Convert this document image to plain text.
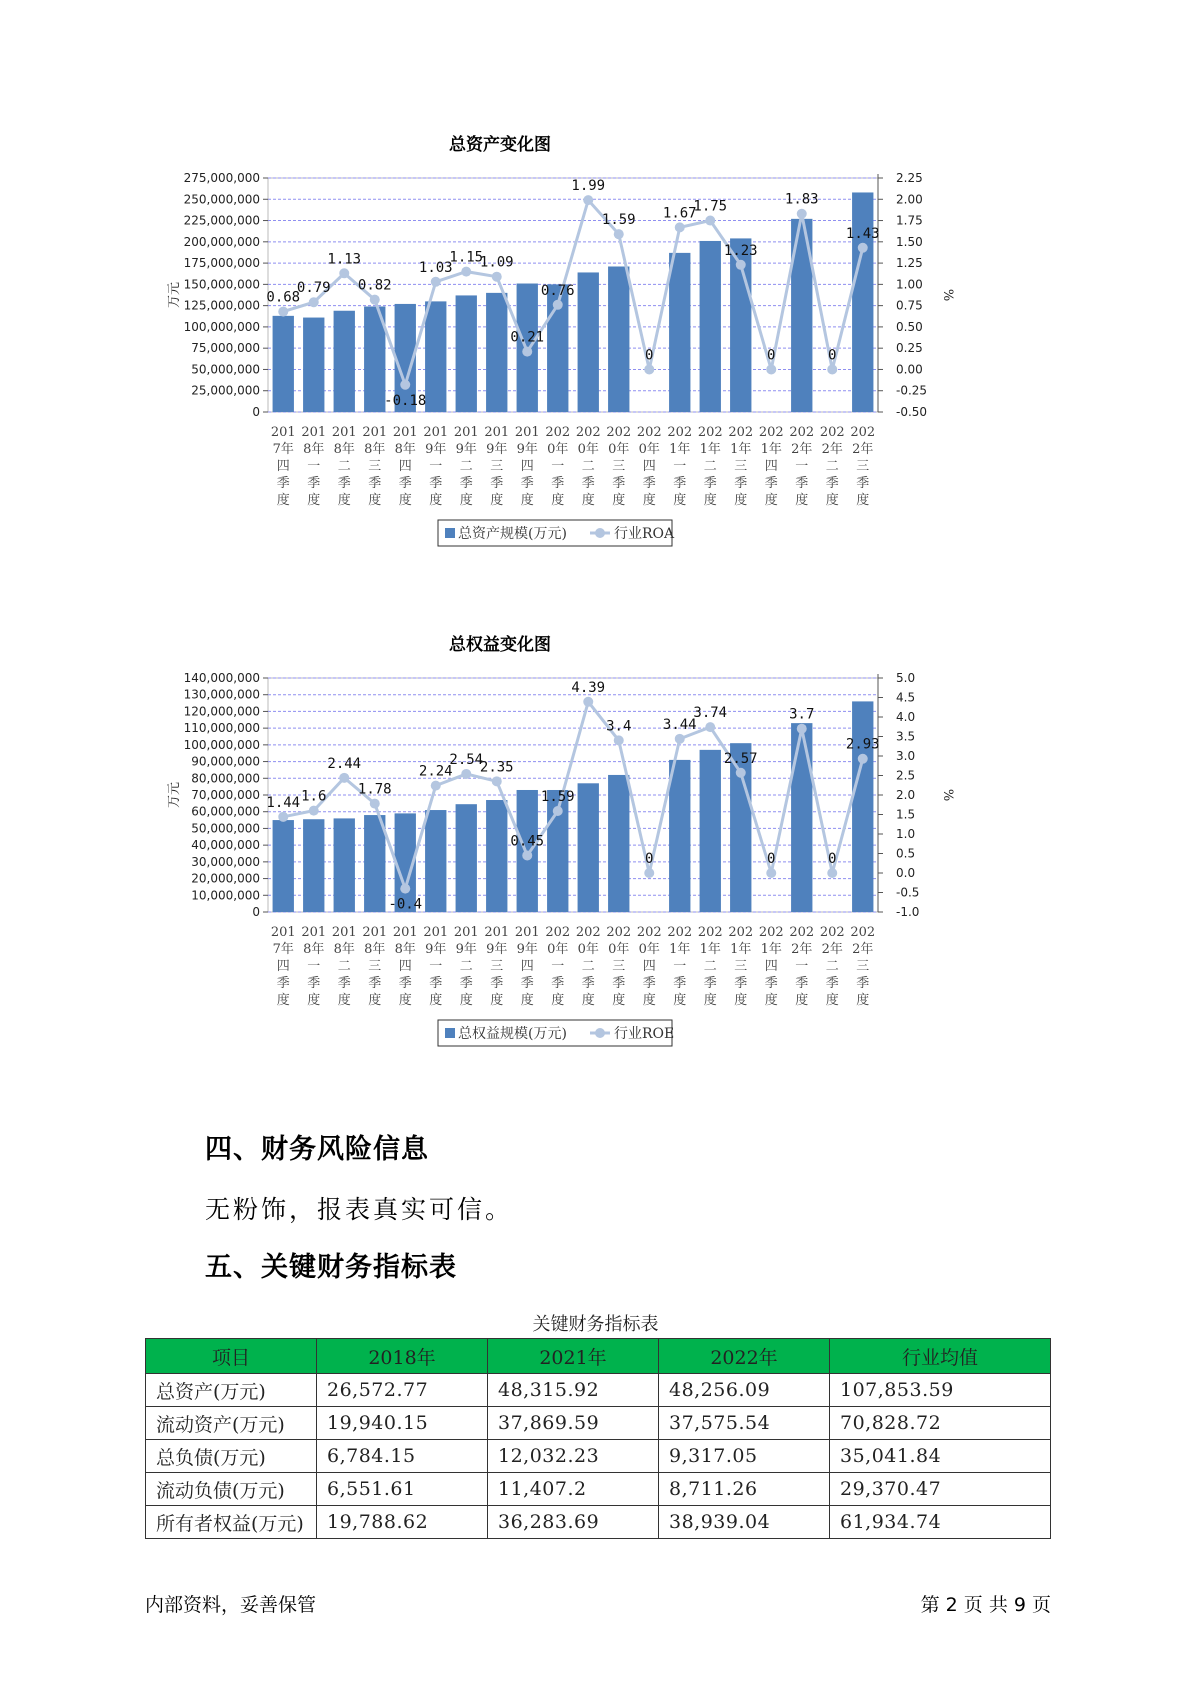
总资产变化图
0
25,000,000
50,000,000
75,000,000
100,000,000
125,000,000
150,000,000
175,000,000
200,000,000
225,000,000
250,000,000
275,000,000
-0.50
-0.25
0.00
0.25
0.50
0.75
1.00
1.25
1.50
1.75
2.00
2.25
万元	%
0.68
0.79
1.13
0.82
-0.18
1.03
1.15
1.09
0.21
0.76
1.99
1.59
0
1.67
1.75
1.23
0
1.83
0
1.43
201 7年四季度
201 8年一季度
201 8年二季度
201 8年三季度
201 8年四季度
201 9年一季度
201 9年二季度
201 9年三季度
201 9年四季度
202 0年一季度
202 0年二季度
202 0年三季度
202 0年四季度
202 1年一季度
202 1年二季度
202 1年三季度
202 1年四季度
202 2年一季度
202 2年二季度
202 2年三季度
总资产规模(万元)	行业ROA
总权益变化图
0
10,000,000
20,000,000
30,000,000
40,000,000
50,000,000
60,000,000
70,000,000
80,000,000
90,000,000
100,000,000
110,000,000
120,000,000
130,000,000
140,000,000
-1.0
-0.5
0.0
0.5
1.0
1.5
2.0
2.5
3.0
3.5
4.0
4.5
5.0
万元	%
1.44 1.6
2.44
1.78
-0.4
2.24
2.54
2.35
0.45
1.59
4.39
3.4
0
3.44
3.74
2.57
0
3.7
0
2.93
201 7年四季度
201 8年一季度
201 8年二季度
201 8年三季度
201 8年四季度
201 9年一季度
201 9年二季度
201 9年三季度
201 9年四季度
202 0年一季度
202 0年二季度
202 0年三季度
202 0年四季度
202 1年一季度
202 1年二季度
202 1年三季度
202 1年四季度
202 2年一季度
202 2年二季度
202 2年三季度
总权益规模(万元)	行业ROE
四、财务风险信息

无粉饰，报表真实可信。

五、关键财务指标表
关键财务指标表
项目	2018年	2021年	2022年	行业均值
总资产(万元)	26,572.77	48,315.92	48,256.09	107,853.59
流动资产(万元)	19,940.15	37,869.59	37,575.54	70,828.72
总负债(万元)	6,784.15	12,032.23	9,317.05	35,041.84
流动负债(万元)	6,551.61	11,407.2	8,711.26	29,370.47
所有者权益(万元)	19,788.62	36,283.69	38,939.04	61,934.74
内部资料，妥善保管	第 2 页 共 9 页
